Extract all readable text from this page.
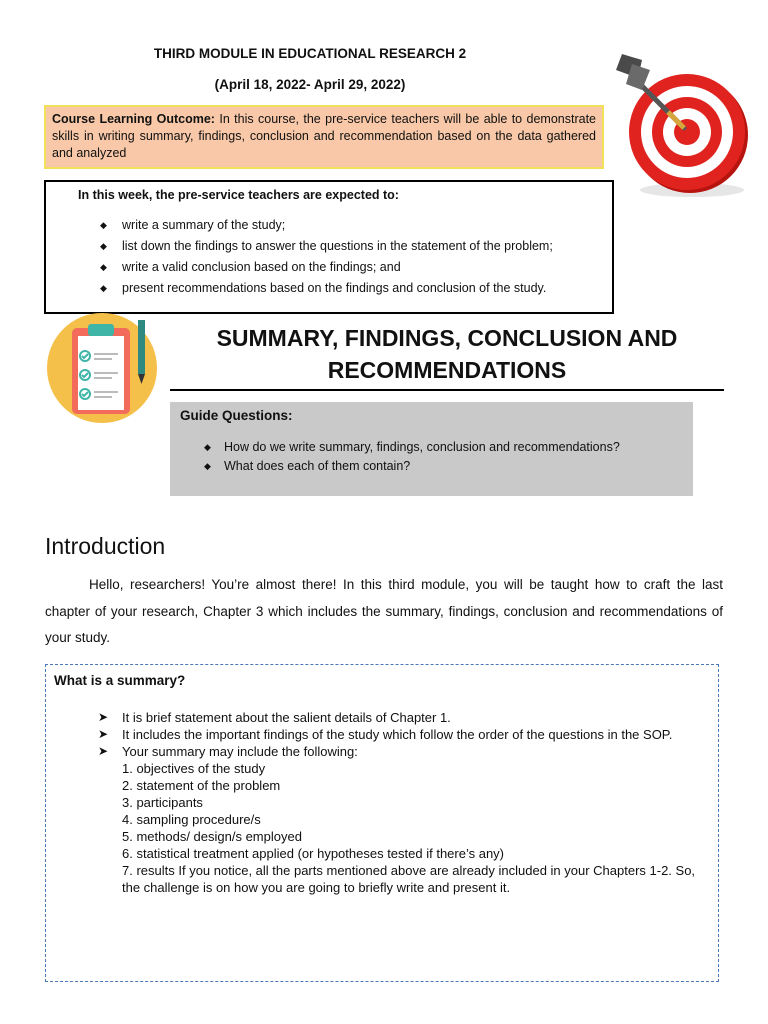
THIRD MODULE IN EDUCATIONAL RESEARCH 2
(April 18, 2022- April 29, 2022)
Course Learning Outcome: In this course, the pre-service teachers will be able to demonstrate skills in writing summary, findings, conclusion and recommendation based on the data gathered and analyzed
In this week, the pre-service teachers are expected to:
◆ write a summary of the study;
◆ list down the findings to answer the questions in the statement of the problem;
◆ write a valid conclusion based on the findings; and
◆ present recommendations based on the findings and conclusion of the study.
SUMMARY, FINDINGS, CONCLUSION AND
RECOMMENDATIONS
Guide Questions:
◆ How do we write summary, findings, conclusion and recommendations?
◆ What does each of them contain?
Introduction
Hello, researchers! You’re almost there! In this third module, you will be taught how to craft the last chapter of your research, Chapter 3 which includes the summary, findings, conclusion and recommendations of your study.
What is a summary?
➤ It is brief statement about the salient details of Chapter 1.
➤ It includes the important findings of the study which follow the order of the questions in the SOP.
➤ Your summary may include the following:
1. objectives of the study
2. statement of the problem
3. participants
4. sampling procedure/s
5. methods/ design/s employed
6. statistical treatment applied (or hypotheses tested if there’s any)
7. results If you notice, all the parts mentioned above are already included in your Chapters 1-2. So, the challenge is on how you are going to briefly write and present it.
